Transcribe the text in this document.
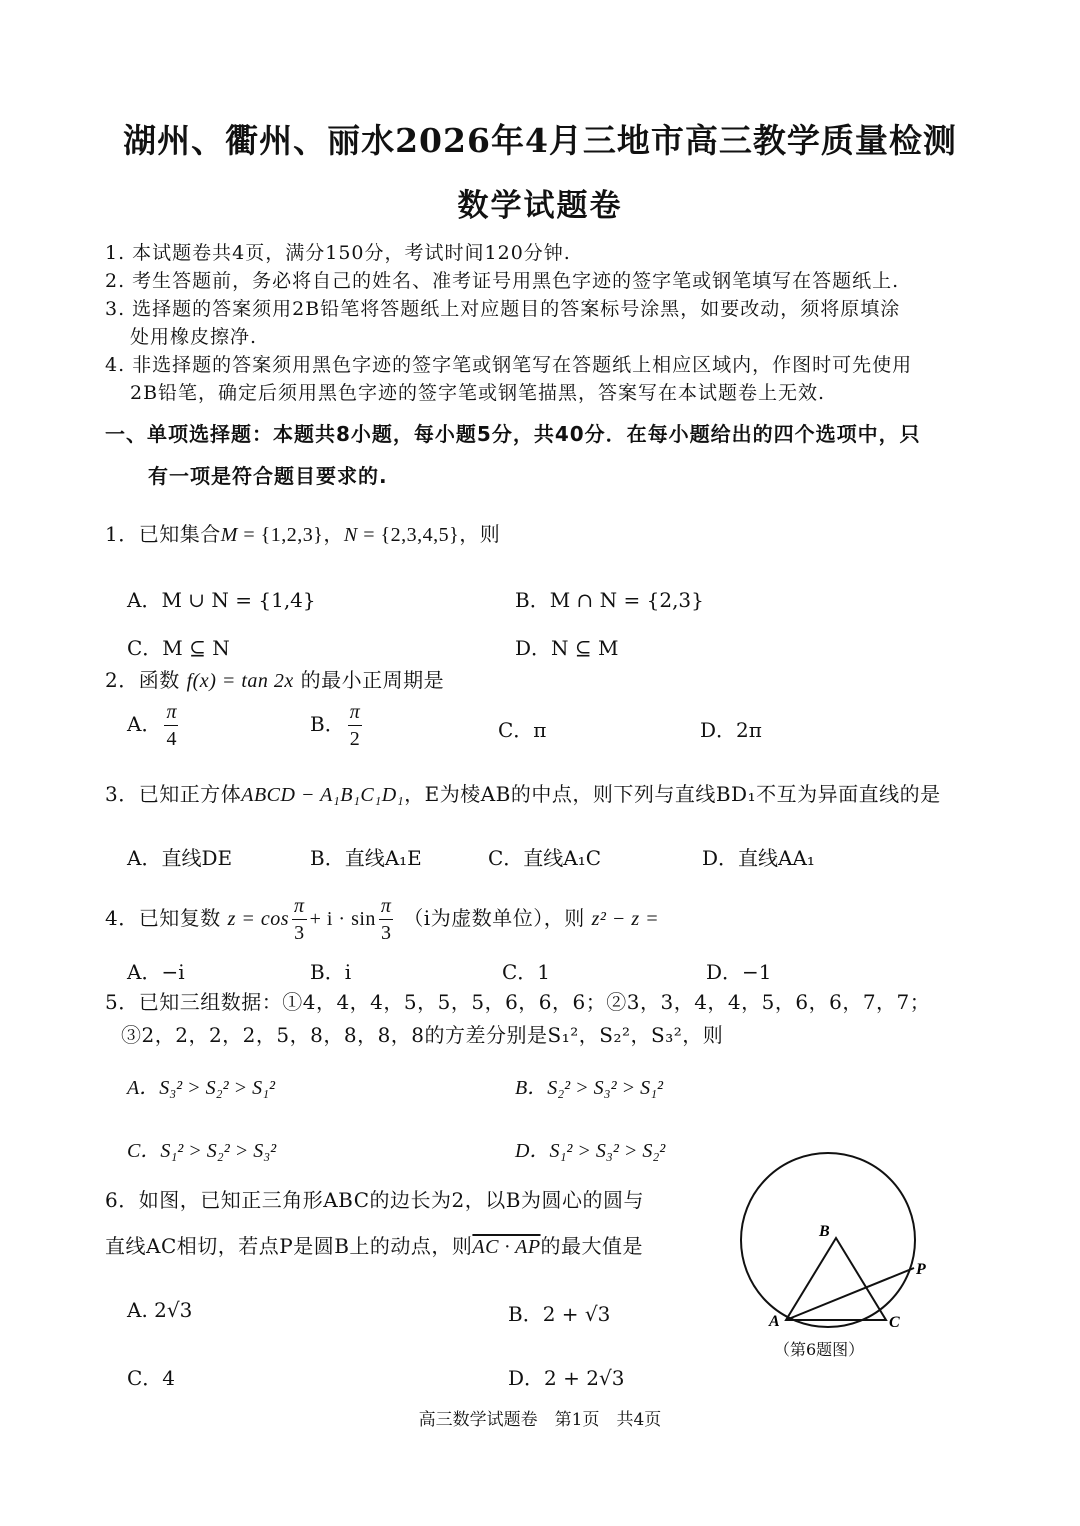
湖州、衢州、丽水2026年4月三地市高三教学质量检测
数学试题卷
1. 本试题卷共4页，满分150分，考试时间120分钟.
2. 考生答题前，务必将自己的姓名、准考证号用黑色字迹的签字笔或钢笔填写在答题纸上.
3. 选择题的答案须用2B铅笔将答题纸上对应题目的答案标号涂黑，如要改动，须将原填涂
处用橡皮擦净.
4. 非选择题的答案须用黑色字迹的签字笔或钢笔写在答题纸上相应区域内，作图时可先使用
2B铅笔，确定后须用黑色字迹的签字笔或钢笔描黑，答案写在本试题卷上无效.
一、单项选择题：本题共8小题，每小题5分，共40分．在每小题给出的四个选项中，只
有一项是符合题目要求的.
1．已知集合M = {1,2,3}，N = {2,3,4,5}，则
A．M ∪ N = {1,4}	B．M ∩ N = {2,3}
C．M ⊆ N	D．N ⊆ M
2．函数 f(x) = tan 2x 的最小正周期是
A． $\frac{\pi}{4}$	B． $\frac{\pi}{2}$	C．π	D．2π
3．已知正方体ABCD − A₁B₁C₁D₁，E为棱AB的中点，则下列与直线BD₁不互为异面直线的是
A．直线DE	B．直线A₁E	C．直线A₁C	D．直线AA₁
4．已知复数 $z = \cos \frac{\pi}{3} + i \cdot \sin \frac{\pi}{3} (i$为虚数单位），则 z² − z =
A．−i	B．i	C．1	D．−1
5．已知三组数据：①4，4，4，5，5，5，6，6，6；②3，3，4，4，5，6，6，7，7；
③2，2，2，2，5，8，8，8，8的方差分别是S₁²，S₂²，S₃²，则
A．S₃² > S₂² > S₁²	B．S₂² > S₃² > S₁²
C．S₁² > S₂² > S₃²	D．S₁² > S₃² > S₂²
6．如图，已知正三角形ABC的边长为2，以B为圆心的圆与
直线AC相切，若点P是圆B上的动点，则AC · AP的最大值是
A. 2√3	B．2 + √3
C．4	D．2 + 2√3
B
A	C
P
（第6题图）
高三数学试题卷　第1页　共4页
